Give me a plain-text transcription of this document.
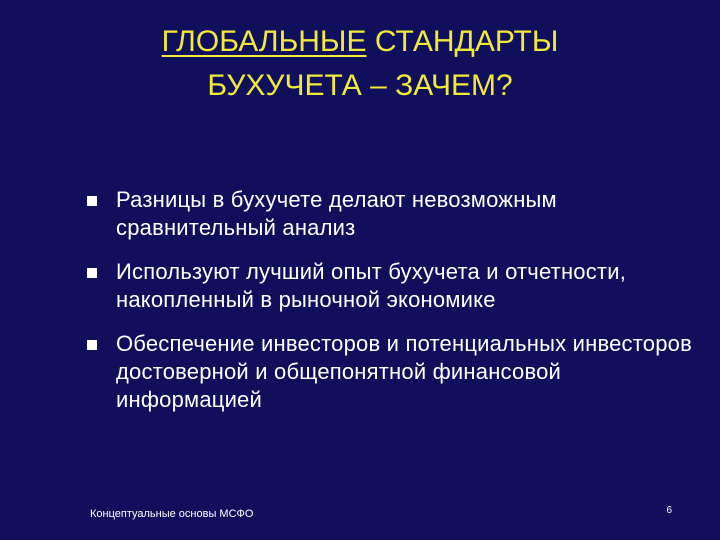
ГЛОБАЛЬНЫЕ СТАНДАРТЫ
БУХУЧЕТА – ЗАЧЕМ?
Разницы в бухучете делают невозможным сравнительный анализ
Используют лучший опыт бухучета и отчетности, накопленный в рыночной экономике
Обеспечение инвесторов и потенциальных инвесторов достоверной и общепонятной финансовой информацией
Концептуальные основы МСФО	6
